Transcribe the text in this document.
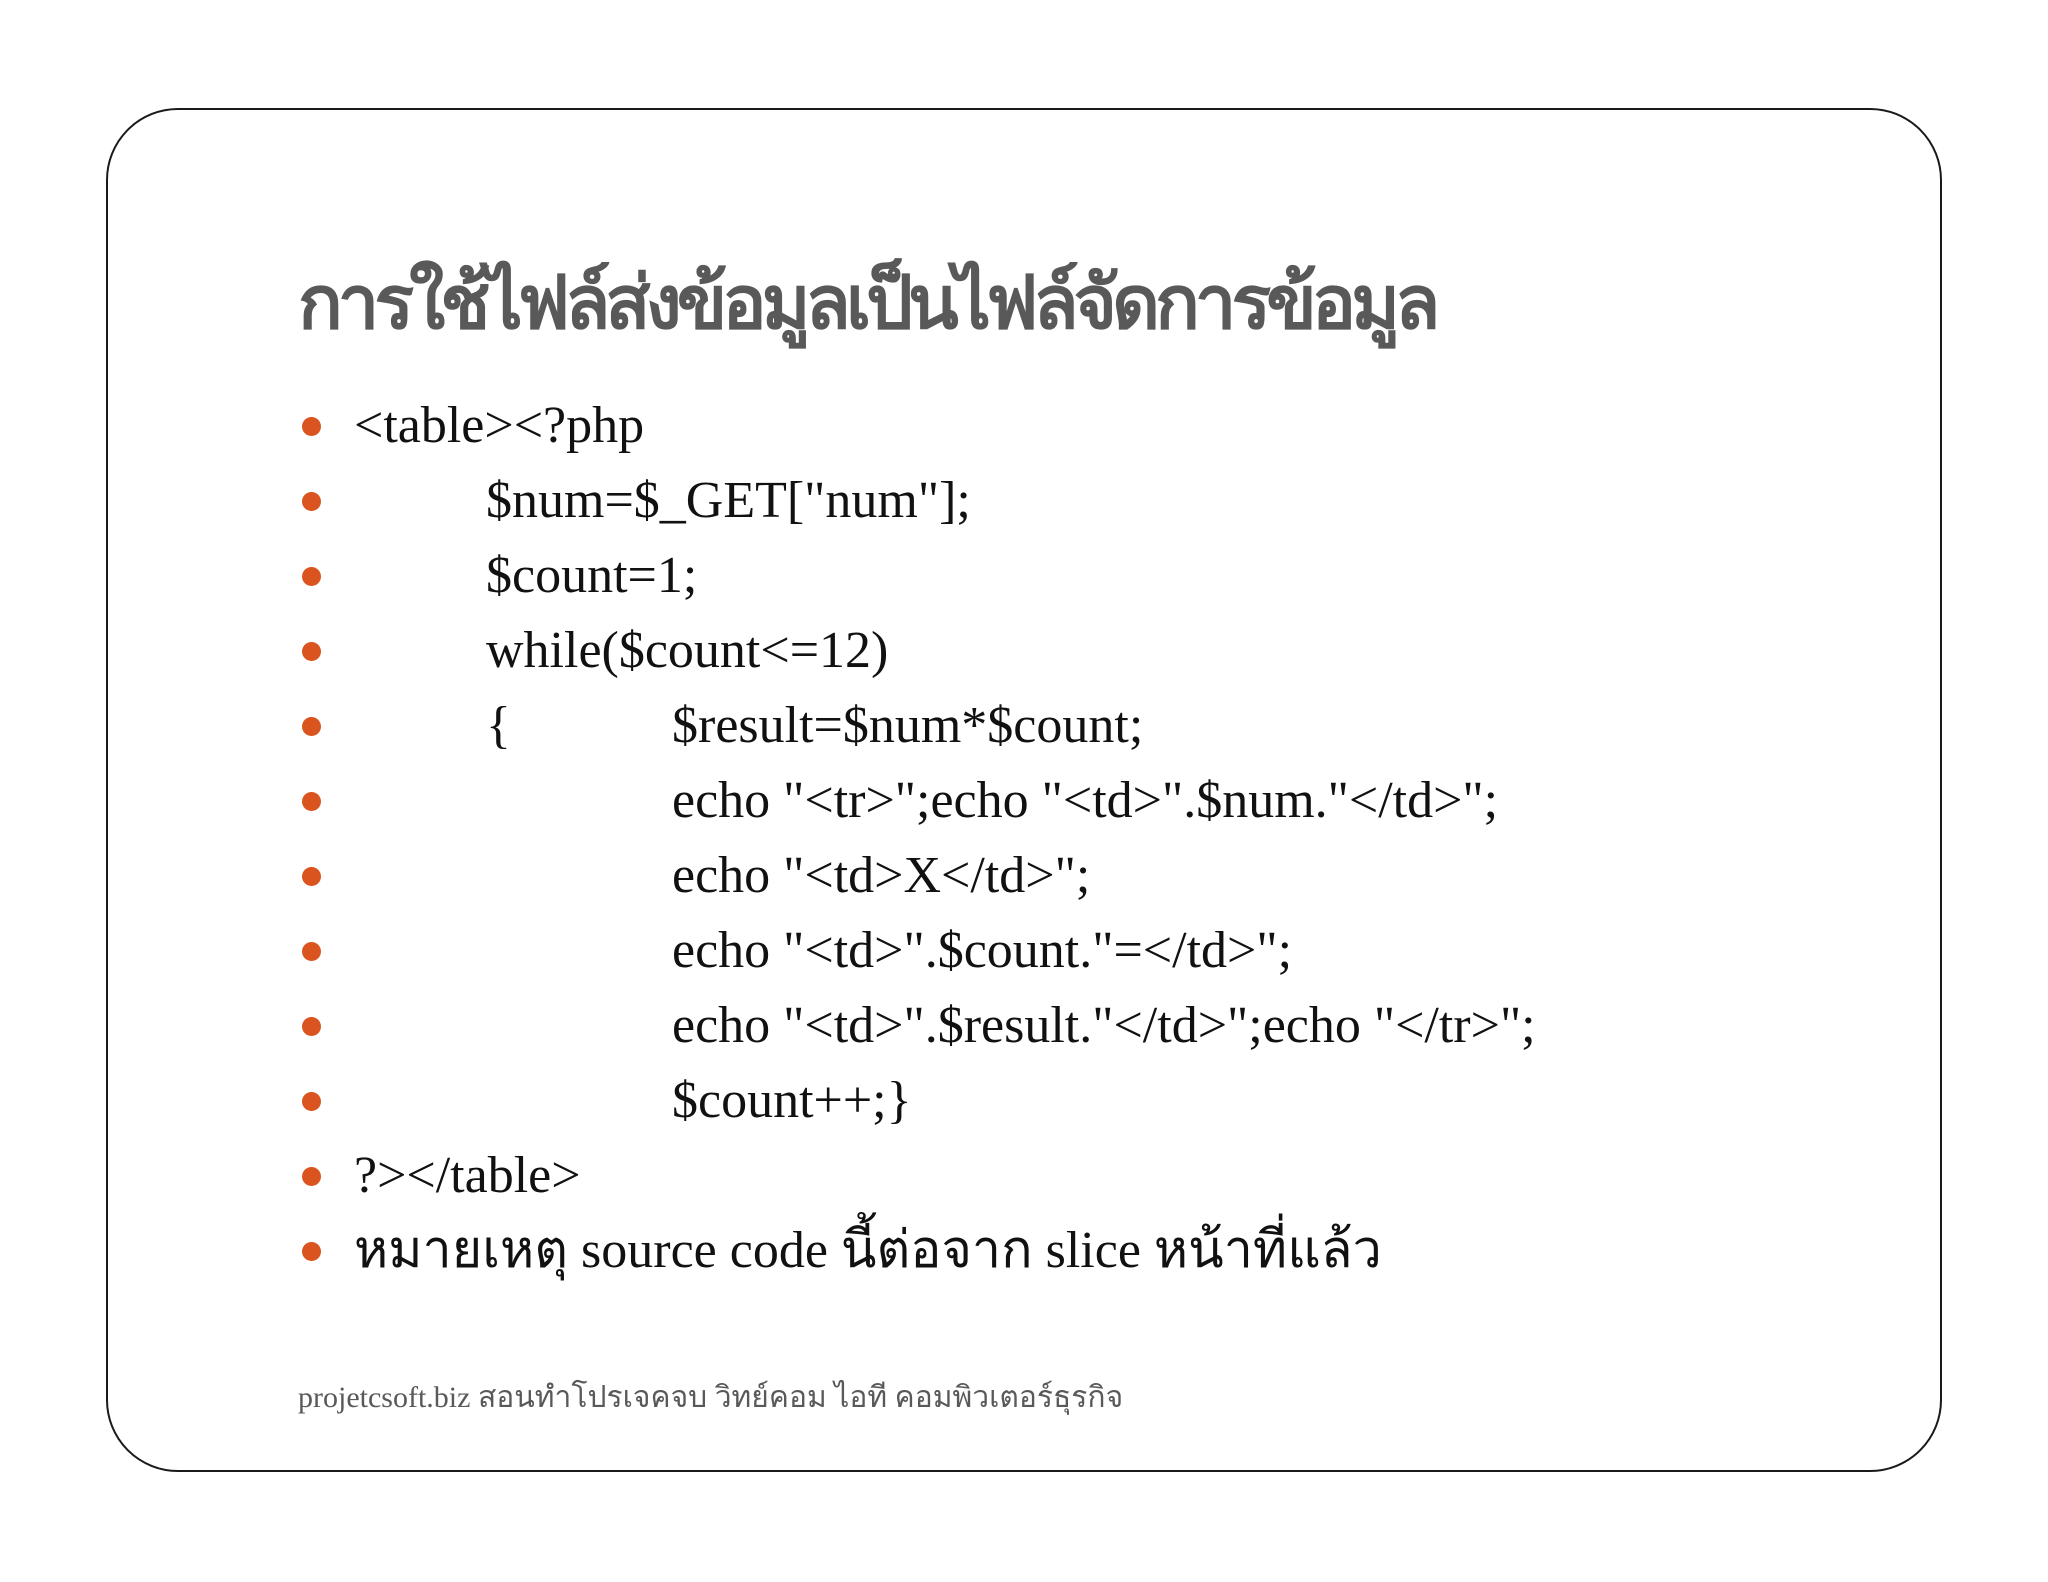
การใช้ไฟล์ส่งข้อมูลเป็นไฟล์จัดการข้อมูล
<table><?php
$num=$_GET["num"];
$count=1;
while($count<=12)
{	$result=$num*$count;
echo "<tr>";echo "<td>".$num."</td>";
echo "<td>X</td>";
echo "<td>".$count."=</td>";
echo "<td>".$result."</td>";echo "</tr>";
$count++;}
?></table>
หมายเหตุ source code นี้ต่อจาก slice หน้าที่แล้ว
projetcsoft.biz สอนทำโปรเจคจบ วิทย์คอม ไอที คอมพิวเตอร์ธุรกิจ
